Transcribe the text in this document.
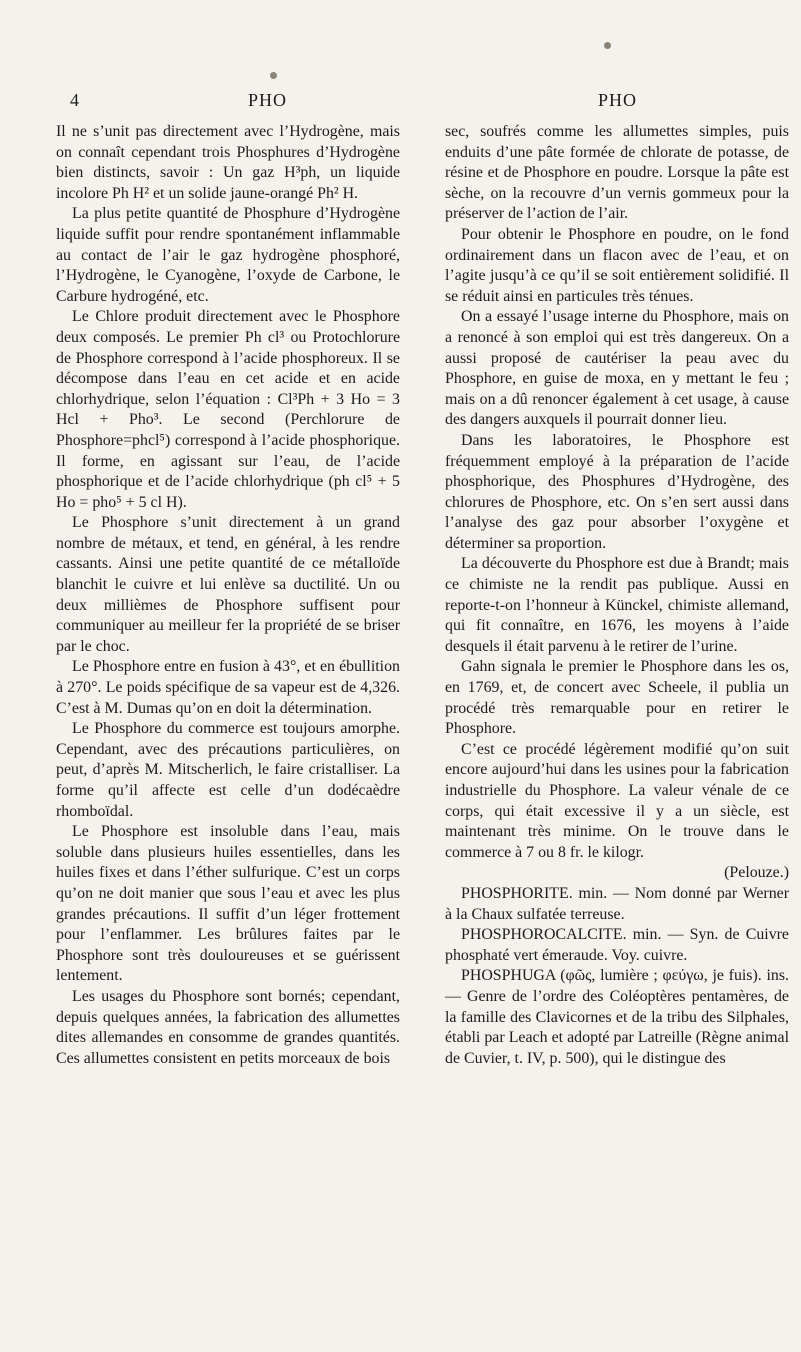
4	PHO	PHO

Il ne s’unit pas directement avec l’Hydrogène, mais on connaît cependant trois Phosphures d’Hydrogène bien distincts, savoir : Un gaz H³ph, un liquide incolore Ph H² et un solide jaune-orangé Ph² H.

La plus petite quantité de Phosphure d’Hydrogène liquide suffit pour rendre spontanément inflammable au contact de l’air le gaz hydrogène phosphoré, l’Hydrogène, le Cyanogène, l’oxyde de Carbone, le Carbure hydrogéné, etc.

Le Chlore produit directement avec le Phosphore deux composés. Le premier Ph cl³ ou Protochlorure de Phosphore correspond à l’acide phosphoreux. Il se décompose dans l’eau en cet acide et en acide chlorhydrique, selon l’équation : Cl³Ph + 3 Ho = 3 Hcl + Pho³. Le second (Perchlorure de Phosphore=phcl⁵) correspond à l’acide phosphorique. Il forme, en agissant sur l’eau, de l’acide phosphorique et de l’acide chlorhydrique (ph cl⁵ + 5 Ho = pho⁵ + 5 cl H).

Le Phosphore s’unit directement à un grand nombre de métaux, et tend, en général, à les rendre cassants. Ainsi une petite quantité de ce métalloïde blanchit le cuivre et lui enlève sa ductilité. Un ou deux millièmes de Phosphore suffisent pour communiquer au meilleur fer la propriété de se briser par le choc.

Le Phosphore entre en fusion à 43°, et en ébullition à 270°. Le poids spécifique de sa vapeur est de 4,326. C’est à M. Dumas qu’on en doit la détermination.

Le Phosphore du commerce est toujours amorphe. Cependant, avec des précautions particulières, on peut, d’après M. Mitscherlich, le faire cristalliser. La forme qu’il affecte est celle d’un dodécaèdre rhomboïdal.

Le Phosphore est insoluble dans l’eau, mais soluble dans plusieurs huiles essentielles, dans les huiles fixes et dans l’éther sulfurique. C’est un corps qu’on ne doit manier que sous l’eau et avec les plus grandes précautions. Il suffit d’un léger frottement pour l’enflammer. Les brûlures faites par le Phosphore sont très douloureuses et se guérissent lentement.

Les usages du Phosphore sont bornés; cependant, depuis quelques années, la fabrication des allumettes dites allemandes en consomme de grandes quantités. Ces allumettes consistent en petits morceaux de bois

sec, soufrés comme les allumettes simples, puis enduits d’une pâte formée de chlorate de potasse, de résine et de Phosphore en poudre. Lorsque la pâte est sèche, on la recouvre d’un vernis gommeux pour la préserver de l’action de l’air.

Pour obtenir le Phosphore en poudre, on le fond ordinairement dans un flacon avec de l’eau, et on l’agite jusqu’à ce qu’il se soit entièrement solidifié. Il se réduit ainsi en particules très ténues.

On a essayé l’usage interne du Phosphore, mais on a renoncé à son emploi qui est très dangereux. On a aussi proposé de cautériser la peau avec du Phosphore, en guise de moxa, en y mettant le feu ; mais on a dû renoncer également à cet usage, à cause des dangers auxquels il pourrait donner lieu.

Dans les laboratoires, le Phosphore est fréquemment employé à la préparation de l’acide phosphorique, des Phosphures d’Hydrogène, des chlorures de Phosphore, etc. On s’en sert aussi dans l’analyse des gaz pour absorber l’oxygène et déterminer sa proportion.

La découverte du Phosphore est due à Brandt; mais ce chimiste ne la rendit pas publique. Aussi en reporte-t-on l’honneur à Künckel, chimiste allemand, qui fit connaître, en 1676, les moyens à l’aide desquels il était parvenu à le retirer de l’urine.

Gahn signala le premier le Phosphore dans les os, en 1769, et, de concert avec Scheele, il publia un procédé très remarquable pour en retirer le Phosphore.

C’est ce procédé légèrement modifié qu’on suit encore aujourd’hui dans les usines pour la fabrication industrielle du Phosphore. La valeur vénale de ce corps, qui était excessive il y a un siècle, est maintenant très minime. On le trouve dans le commerce à 7 ou 8 fr. le kilogr.

(Pelouze.)

PHOSPHORITE. min. — Nom donné par Werner à la Chaux sulfatée terreuse.

PHOSPHOROCALCITE. min. — Syn. de Cuivre phosphaté vert émeraude. Voy. cuivre.

PHOSPHUGA (φῶς, lumière ; φεύγω, je fuis). ins. — Genre de l’ordre des Coléoptères pentamères, de la famille des Clavicornes et de la tribu des Silphales, établi par Leach et adopté par Latreille (Règne animal de Cuvier, t. IV, p. 500), qui le distingue des
